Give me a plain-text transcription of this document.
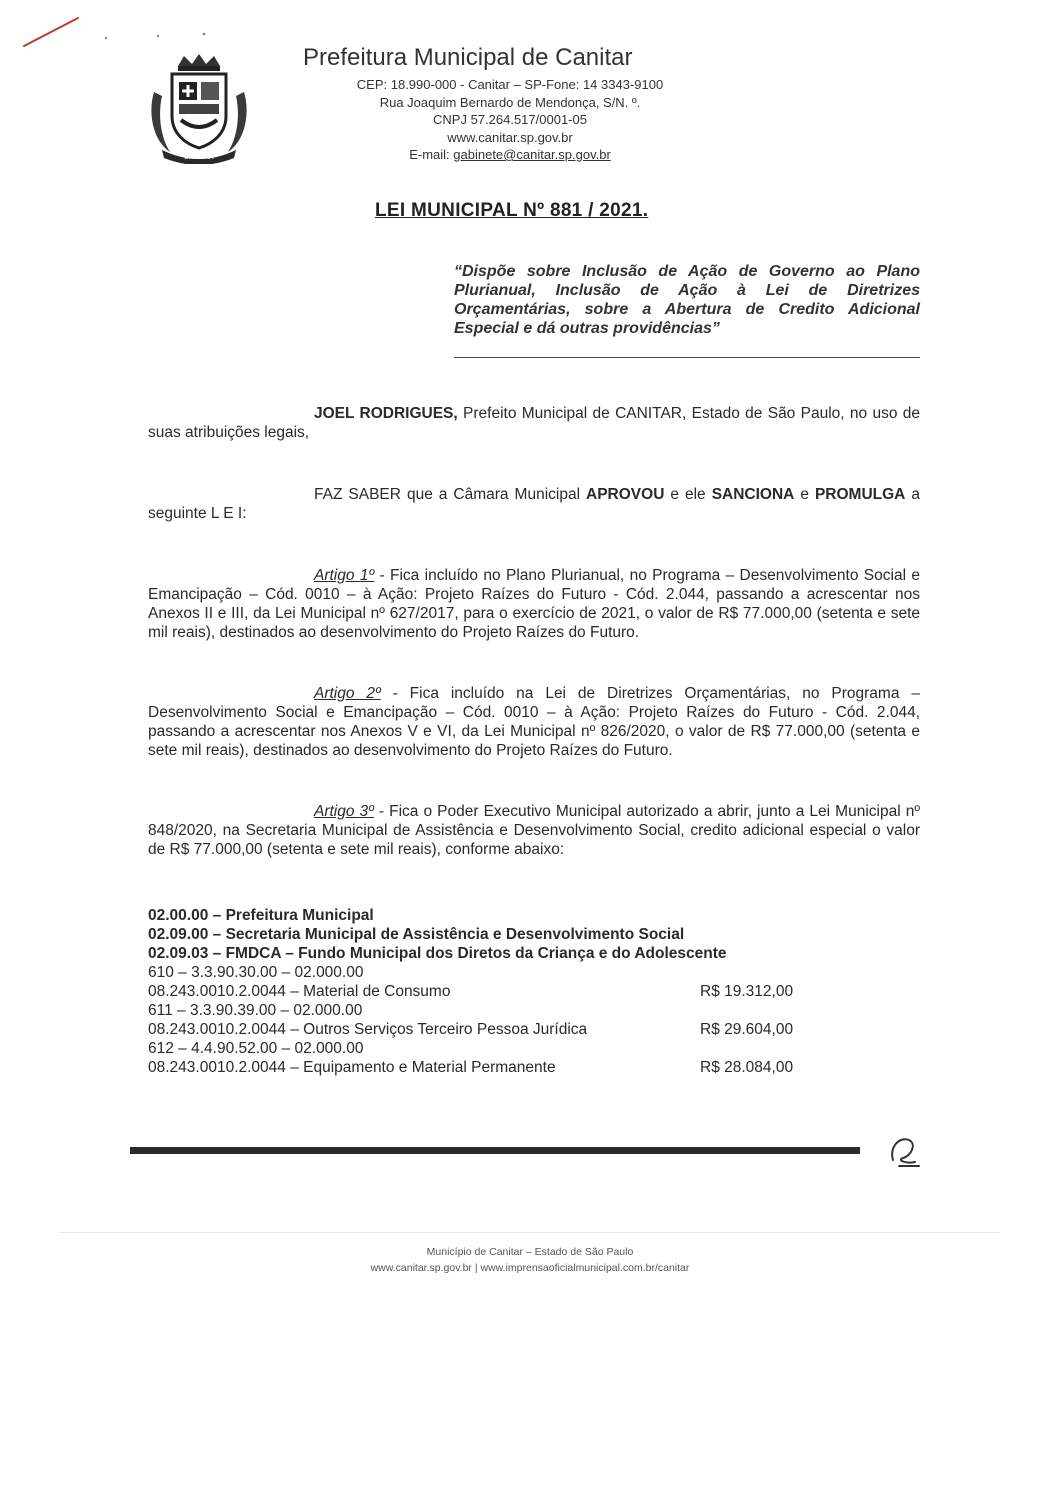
CANITAR
Prefeitura Municipal de Canitar
CEP: 18.990-000 - Canitar – SP-Fone: 14 3343-9100
Rua Joaquim Bernardo de Mendonça, S/N. º.
CNPJ 57.264.517/0001-05
www.canitar.sp.gov.br
E-mail: gabinete@canitar.sp.gov.br
LEI MUNICIPAL Nº 881 / 2021.
“Dispõe sobre Inclusão de Ação de Governo ao Plano Plurianual, Inclusão de Ação à Lei de Diretrizes Orçamentárias, sobre a Abertura de Credito Adicional Especial e dá outras providências”
JOEL RODRIGUES, Prefeito Municipal de CANITAR, Estado de São Paulo, no uso de suas atribuições legais,
FAZ SABER que a Câmara Municipal APROVOU e ele SANCIONA e PROMULGA a seguinte L E I:
Artigo 1º - Fica incluído no Plano Plurianual, no Programa – Desenvolvimento Social e Emancipação – Cód. 0010 – à Ação: Projeto Raízes do Futuro - Cód. 2.044, passando a acrescentar nos Anexos II e III, da Lei Municipal nº 627/2017, para o exercício de 2021, o valor de R$ 77.000,00 (setenta e sete mil reais), destinados ao desenvolvimento do Projeto Raízes do Futuro.
Artigo 2º - Fica incluído na Lei de Diretrizes Orçamentárias, no Programa – Desenvolvimento Social e Emancipação – Cód. 0010 – à Ação: Projeto Raízes do Futuro - Cód. 2.044, passando a acrescentar nos Anexos V e VI, da Lei Municipal nº 826/2020, o valor de R$ 77.000,00 (setenta e sete mil reais), destinados ao desenvolvimento do Projeto Raízes do Futuro.
Artigo 3º - Fica o Poder Executivo Municipal autorizado a abrir, junto a Lei Municipal nº 848/2020, na Secretaria Municipal de Assistência e Desenvolvimento Social, credito adicional especial o valor de R$ 77.000,00 (setenta e sete mil reais), conforme abaixo:
02.00.00 – Prefeitura Municipal
02.09.00 – Secretaria Municipal de Assistência e Desenvolvimento Social
02.09.03 – FMDCA – Fundo Municipal dos Diretos da Criança e do Adolescente
610 – 3.3.90.30.00 – 02.000.00
08.243.0010.2.0044 – Material de Consumo	R$ 19.312,00
611 – 3.3.90.39.00 – 02.000.00
08.243.0010.2.0044 – Outros Serviços Terceiro Pessoa Jurídica	R$ 29.604,00
612 – 4.4.90.52.00 – 02.000.00
08.243.0010.2.0044 – Equipamento e Material Permanente	R$ 28.084,00
Município de Canitar – Estado de São Paulo
www.canitar.sp.gov.br | www.imprensaoficialmunicipal.com.br/canitar
